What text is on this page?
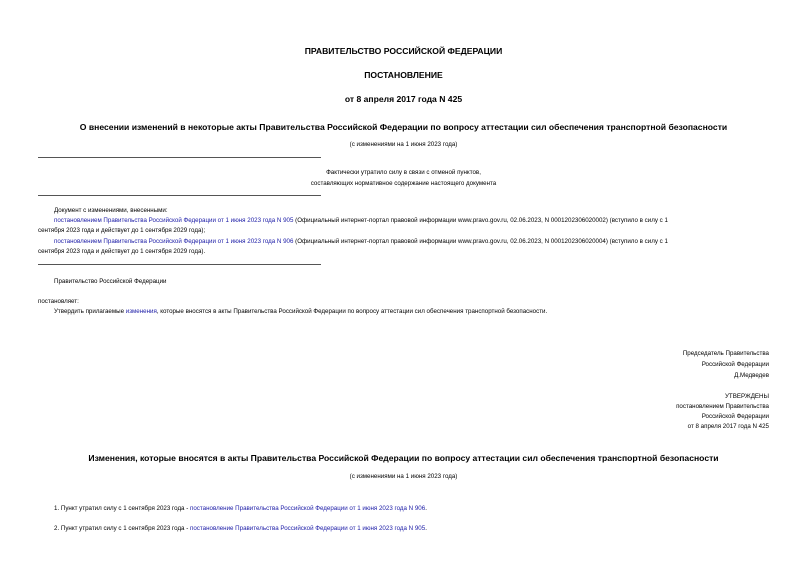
ПРАВИТЕЛЬСТВО РОССИЙСКОЙ ФЕДЕРАЦИИ
ПОСТАНОВЛЕНИЕ
от 8 апреля 2017 года N 425
О внесении изменений в некоторые акты Правительства Российской Федерации по вопросу аттестации сил обеспечения транспортной безопасности
(с изменениями на 1 июня 2023 года)
Фактически утратило силу в связи с отменой пунктов,
составляющих нормативное содержание настоящего документа
Документ с изменениями, внесенными:
постановлением Правительства Российской Федерации от 1 июня 2023 года N 905 (Официальный интернет-портал правовой информации www.pravo.gov.ru, 02.06.2023, N 0001202306020002) (вступило в силу с 1
сентября 2023 года и действует до 1 сентября 2029 года);
постановлением Правительства Российской Федерации от 1 июня 2023 года N 906 (Официальный интернет-портал правовой информации www.pravo.gov.ru, 02.06.2023, N 0001202306020004) (вступило в силу с 1
сентября 2023 года и действует до 1 сентября 2029 года).
Правительство Российской Федерации
постановляет:
Утвердить прилагаемые изменения, которые вносятся в акты Правительства Российской Федерации по вопросу аттестации сил обеспечения транспортной безопасности.
Председатель Правительства
Российской Федерации
Д.Медведев
УТВЕРЖДЕНЫ
постановлением Правительства
Российской Федерации
от 8 апреля 2017 года N 425
Изменения, которые вносятся в акты Правительства Российской Федерации по вопросу аттестации сил обеспечения транспортной безопасности
(с изменениями на 1 июня 2023 года)
1. Пункт утратил силу с 1 сентября 2023 года - постановление Правительства Российской Федерации от 1 июня 2023 года N 906.
2. Пункт утратил силу с 1 сентября 2023 года - постановление Правительства Российской Федерации от 1 июня 2023 года N 905.
